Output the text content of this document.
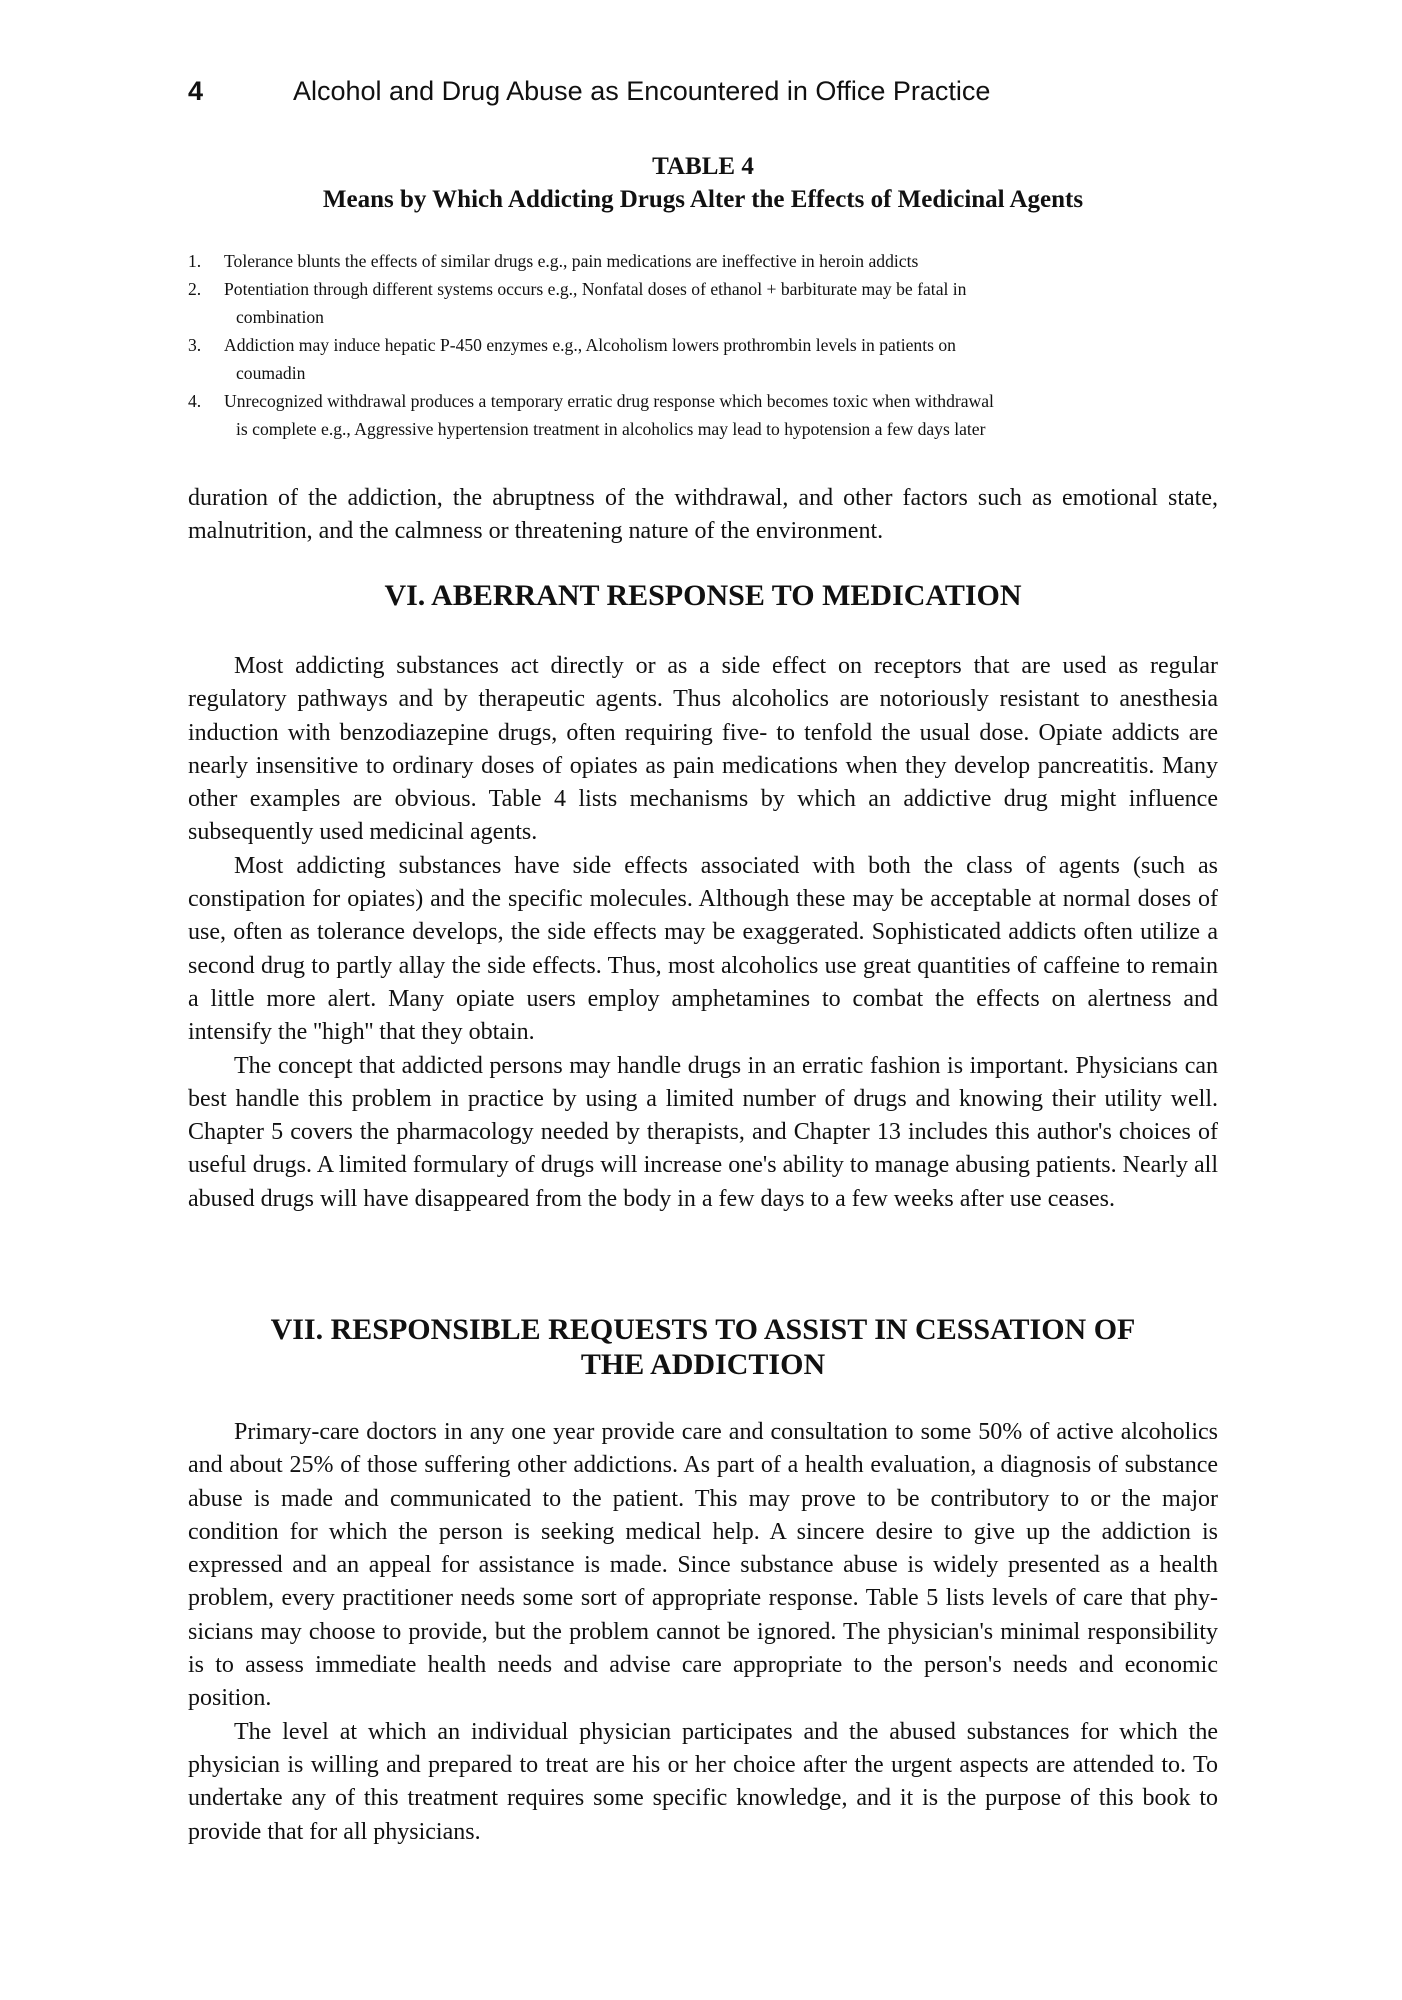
4	Alcohol and Drug Abuse as Encountered in Office Practice
TABLE 4
Means by Which Addicting Drugs Alter the Effects of Medicinal Agents
1.	Tolerance blunts the effects of similar drugs e.g., pain medications are ineffective in heroin addicts
2.	Potentiation through different systems occurs e.g., Nonfatal doses of ethanol + barbiturate may be fatal in
combination
3.	Addiction may induce hepatic P-450 enzymes e.g., Alcoholism lowers prothrombin levels in patients on
coumadin
4.	Unrecognized withdrawal produces a temporary erratic drug response which becomes toxic when withdrawal
is complete e.g., Aggressive hypertension treatment in alcoholics may lead to hypotension a few days later

duration of the addiction, the abruptness of the withdrawal, and other factors such as emotional state, malnutrition, and the calmness or threatening nature of the environment.

VI. ABERRANT RESPONSE TO MEDICATION

Most addicting substances act directly or as a side effect on receptors that are used as regular regulatory pathways and by therapeutic agents. Thus alcoholics are notoriously resistant to anesthesia induction with benzodiazepine drugs, often requiring five- to tenfold the usual dose. Opiate addicts are nearly insensitive to ordinary doses of opiates as pain medications when they develop pancreatitis. Many other examples are obvious. Table 4 lists mechanisms by which an addictive drug might influence subsequently used medicinal agents.

Most addicting substances have side effects associated with both the class of agents (such as constipation for opiates) and the specific molecules. Although these may be acceptable at normal doses of use, often as tolerance develops, the side effects may be exaggerated. Sophisticated addicts often utilize a second drug to partly allay the side effects. Thus, most alcoholics use great quantities of caffeine to remain a little more alert. Many opiate users employ amphetamines to combat the effects on alertness and intensify the ''high'' that they obtain.

The concept that addicted persons may handle drugs in an erratic fashion is important. Physicians can best handle this problem in practice by using a limited number of drugs and knowing their utility well. Chapter 5 covers the pharmacology needed by therapists, and Chapter 13 includes this author's choices of useful drugs. A limited formulary of drugs will increase one's ability to manage abusing patients. Nearly all abused drugs will have disappeared from the body in a few days to a few weeks after use ceases.

VII. RESPONSIBLE REQUESTS TO ASSIST IN CESSATION OF
THE ADDICTION

Primary-care doctors in any one year provide care and consultation to some 50% of active alcoholics and about 25% of those suffering other addictions. As part of a health evaluation, a diagnosis of substance abuse is made and communicated to the patient. This may prove to be contributory to or the major condition for which the person is seeking medical help. A sincere desire to give up the addiction is expressed and an appeal for assistance is made. Since substance abuse is widely presented as a health problem, every practitioner needs some sort of appropriate response. Table 5 lists levels of care that physicians may choose to provide, but the problem cannot be ignored. The physician's minimal responsibility is to assess immediate health needs and advise care appropriate to the person's needs and economic position.

The level at which an individual physician participates and the abused substances for which the physician is willing and prepared to treat are his or her choice after the urgent aspects are attended to. To undertake any of this treatment requires some specific knowledge, and it is the purpose of this book to provide that for all physicians.
